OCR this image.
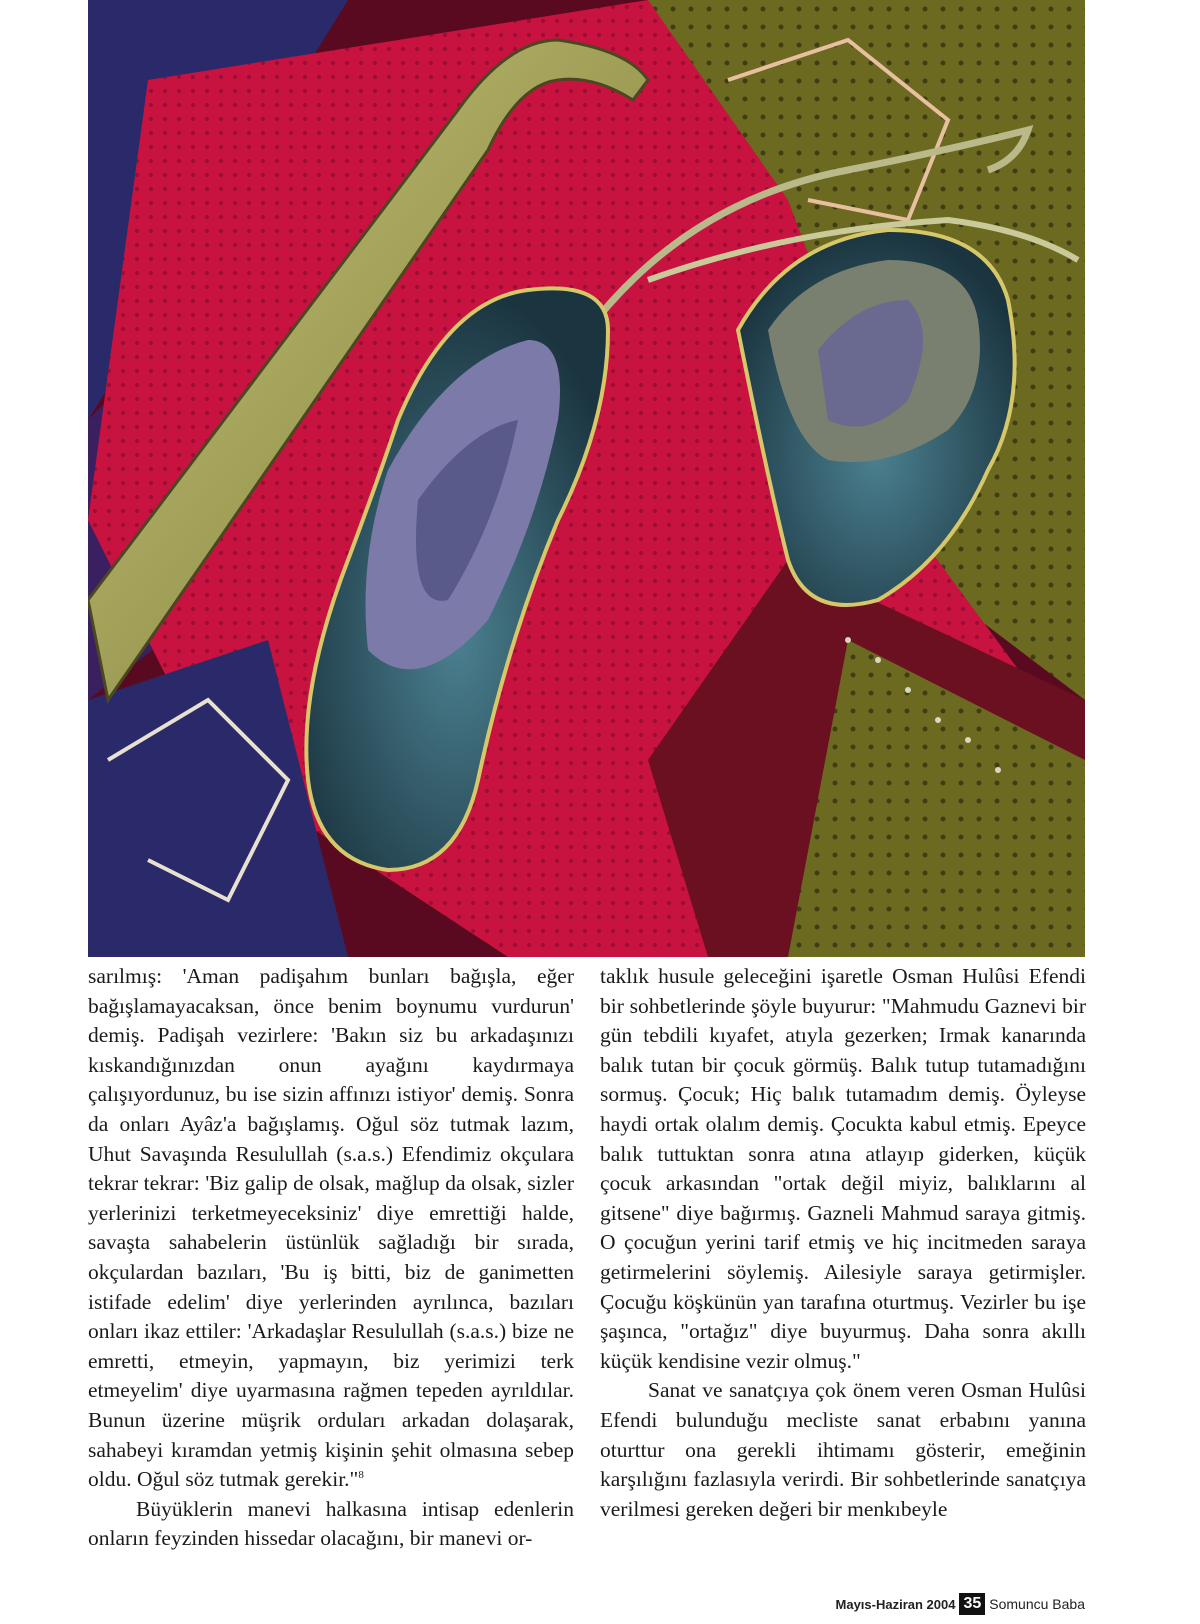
sarılmış: 'Aman padişahım bunları bağışla, eğer bağışlamayacaksan, önce benim boynumu vurdurun' demiş. Padişah vezirlere: 'Bakın siz bu arkadaşınızı kıskandığınızdan onun ayağını kaydırmaya çalışıyordunuz, bu ise sizin affınızı istiyor' demiş. Sonra da onları Ayâz'a bağışlamış. Oğul söz tutmak lazım, Uhut Savaşında Resulullah (s.a.s.) Efendimiz okçulara tekrar tekrar: 'Biz galip de olsak, mağlup da olsak, sizler yerlerinizi terketmeyeceksiniz' diye emrettiği halde, savaşta sahabelerin üstünlük sağladığı bir sırada, okçulardan bazıları, 'Bu iş bitti, biz de ganimetten istifade edelim' diye yerlerinden ayrılınca, bazıları onları ikaz ettiler: 'Arkadaşlar Resulullah (s.a.s.) bize ne emretti, etmeyin, yapmayın, biz yerimizi terk etmeyelim' diye uyarmasına rağmen tepeden ayrıldılar. Bunun üzerine müşrik orduları arkadan dolaşarak, sahabeyi kıramdan yetmiş kişinin şehit olmasına sebep oldu. Oğul söz tutmak gerekir."$^8$

Büyüklerin manevi halkasına intisap edenlerin onların feyzinden hissedar olacağını, bir manevi or-

taklık husule geleceğini işaretle Osman Hulûsi Efendi bir sohbetlerinde şöyle buyurur: "Mahmudu Gaznevi bir gün tebdili kıyafet, atıyla gezerken; Irmak kanarında balık tutan bir çocuk görmüş. Balık tutup tutamadığını sormuş. Çocuk; Hiç balık tutamadım demiş. Öyleyse haydi ortak olalım demiş. Çocukta kabul etmiş. Epeyce balık tuttuktan sonra atına atlayıp giderken, küçük çocuk arkasından "ortak değil miyiz, balıklarını al gitsene" diye bağırmış. Gazneli Mahmud saraya gitmiş. O çocuğun yerini tarif etmiş ve hiç incitmeden saraya getirmelerini söylemiş. Ailesiyle saraya getirmişler. Çocuğu köşkünün yan tarafına oturtmuş. Vezirler bu işe şaşınca, "ortağız" diye buyurmuş. Daha sonra akıllı küçük kendisine vezir olmuş."

Sanat ve sanatçıya çok önem veren Osman Hulûsi Efendi bulunduğu mecliste sanat erbabını yanına oturttur ona gerekli ihtimamı gösterir, emeğinin karşılığını fazlasıyla verirdi. Bir sohbetlerinde sanatçıya verilmesi gereken değeri bir menkıbeyle

Mayıs-Haziran 2004 35 Somuncu Baba
